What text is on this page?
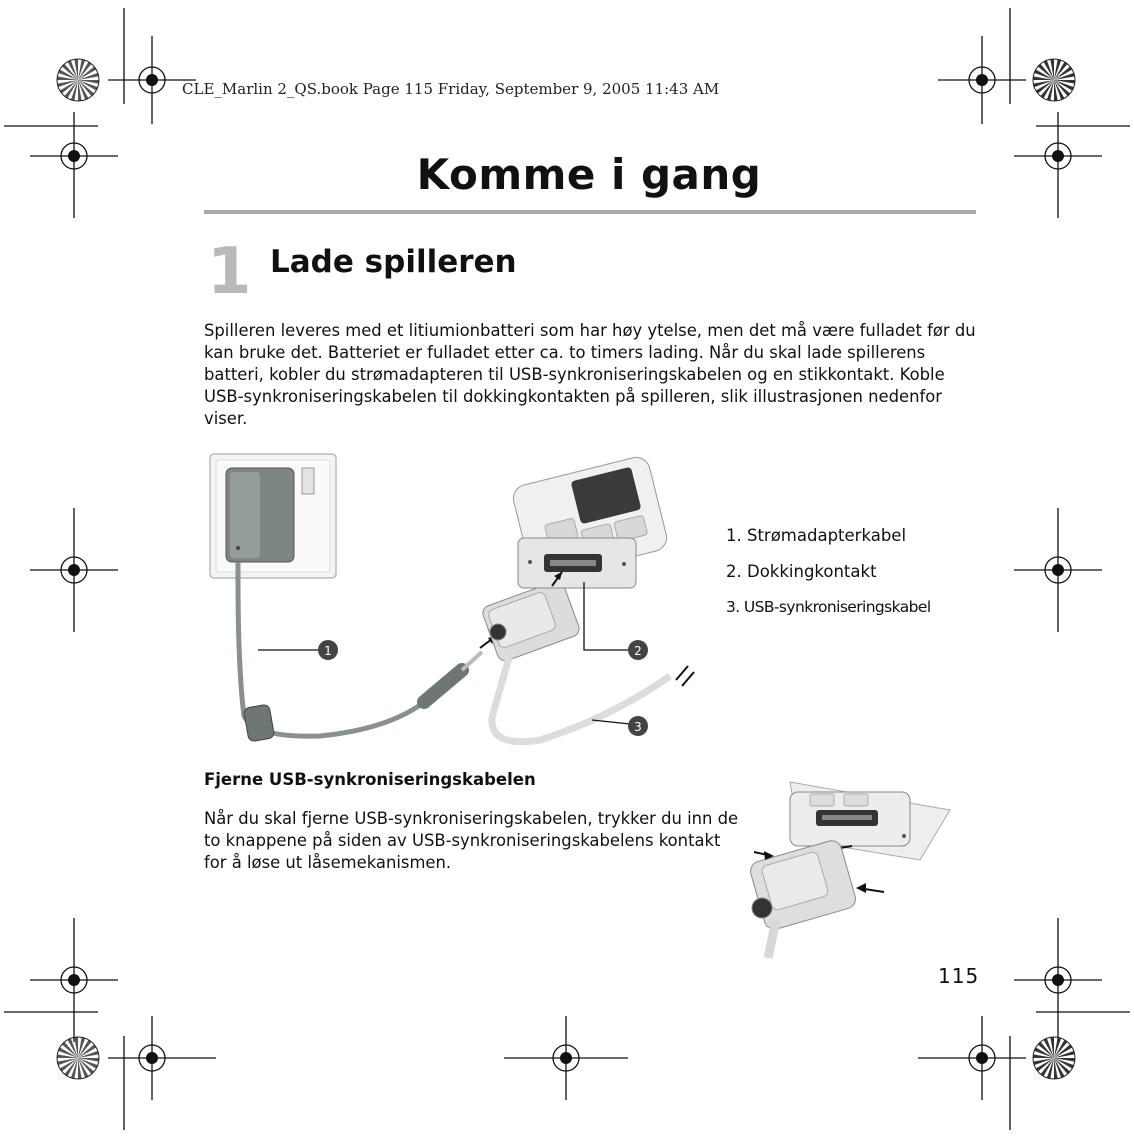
CLE_Marlin 2_QS.book Page 115 Friday, September 9, 2005 11:43 AM
Komme i gang
1 Lade spilleren
Spilleren leveres med et litiumionbatteri som har høy ytelse, men det må være fulladet før du kan bruke det. Batteriet er fulladet etter ca. to timers lading. Når du skal lade spillerens batteri, kobler du strømadapteren til USB-synkroniseringskabelen og en stikkontakt. Koble USB-synkroniseringskabelen til dokkingkontakten på spilleren, slik illustrasjonen nedenfor viser.
1	2
3
1. Strømadapterkabel
2. Dokkingkontakt
3. USB-synkroniseringskabel
Fjerne USB-synkroniseringskabelen
Når du skal fjerne USB-synkroniseringskabelen, trykker du inn de to knappene på siden av USB-synkroniseringskabelens kontakt for å løse ut låsemekanismen.
115
